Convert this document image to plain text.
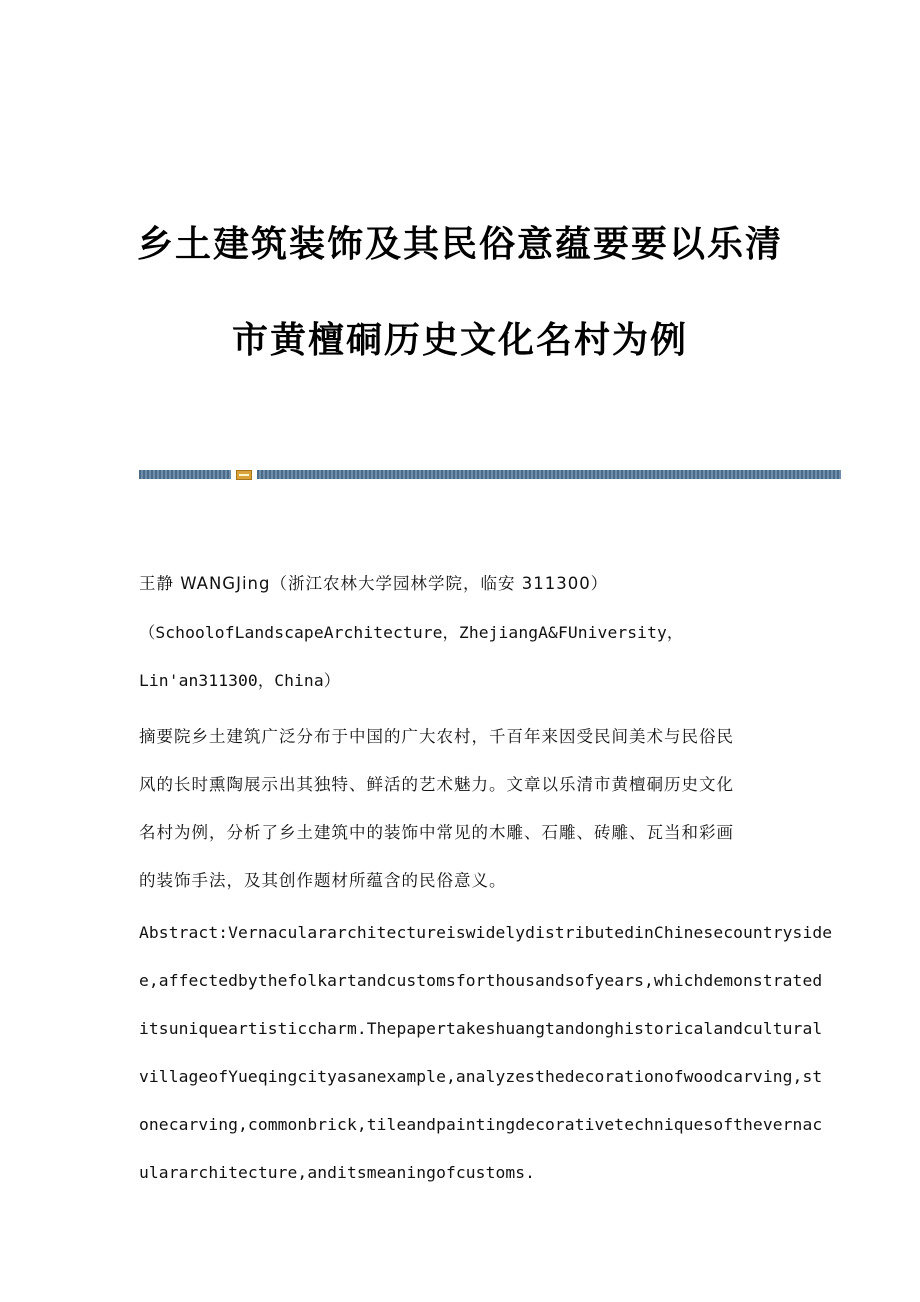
乡土建筑装饰及其民俗意蕴要要以乐清
市黄檀硐历史文化名村为例
王静 WANGJing（浙江农林大学园林学院，临安 311300）
（SchoolofLandscapeArchitecture，ZhejiangA&FUniversity，
Lin'an311300，China）
摘要院乡土建筑广泛分布于中国的广大农村，千百年来因受民间美术与民俗民
风的长时熏陶展示出其独特、鲜活的艺术魅力。文章以乐清市黄檀硐历史文化
名村为例，分析了乡土建筑中的装饰中常见的木雕、石雕、砖雕、瓦当和彩画
的装饰手法，及其创作题材所蕴含的民俗意义。
Abstract:VernaculararchitectureiswidelydistributedinChinesecountryside
e,affectedbythefolkartandcustomsforthousandsofyears,whichdemonstrated
itsuniqueartisticcharm.Thepapertakeshuangtandonghistoricalandcultural
villageofYueqingcityasanexample,analyzesthedecorationofwoodcarving,st
onecarving,commonbrick,tileandpaintingdecorativetechniquesofthevernac
ulararchitecture,anditsmeaningofcustoms.
